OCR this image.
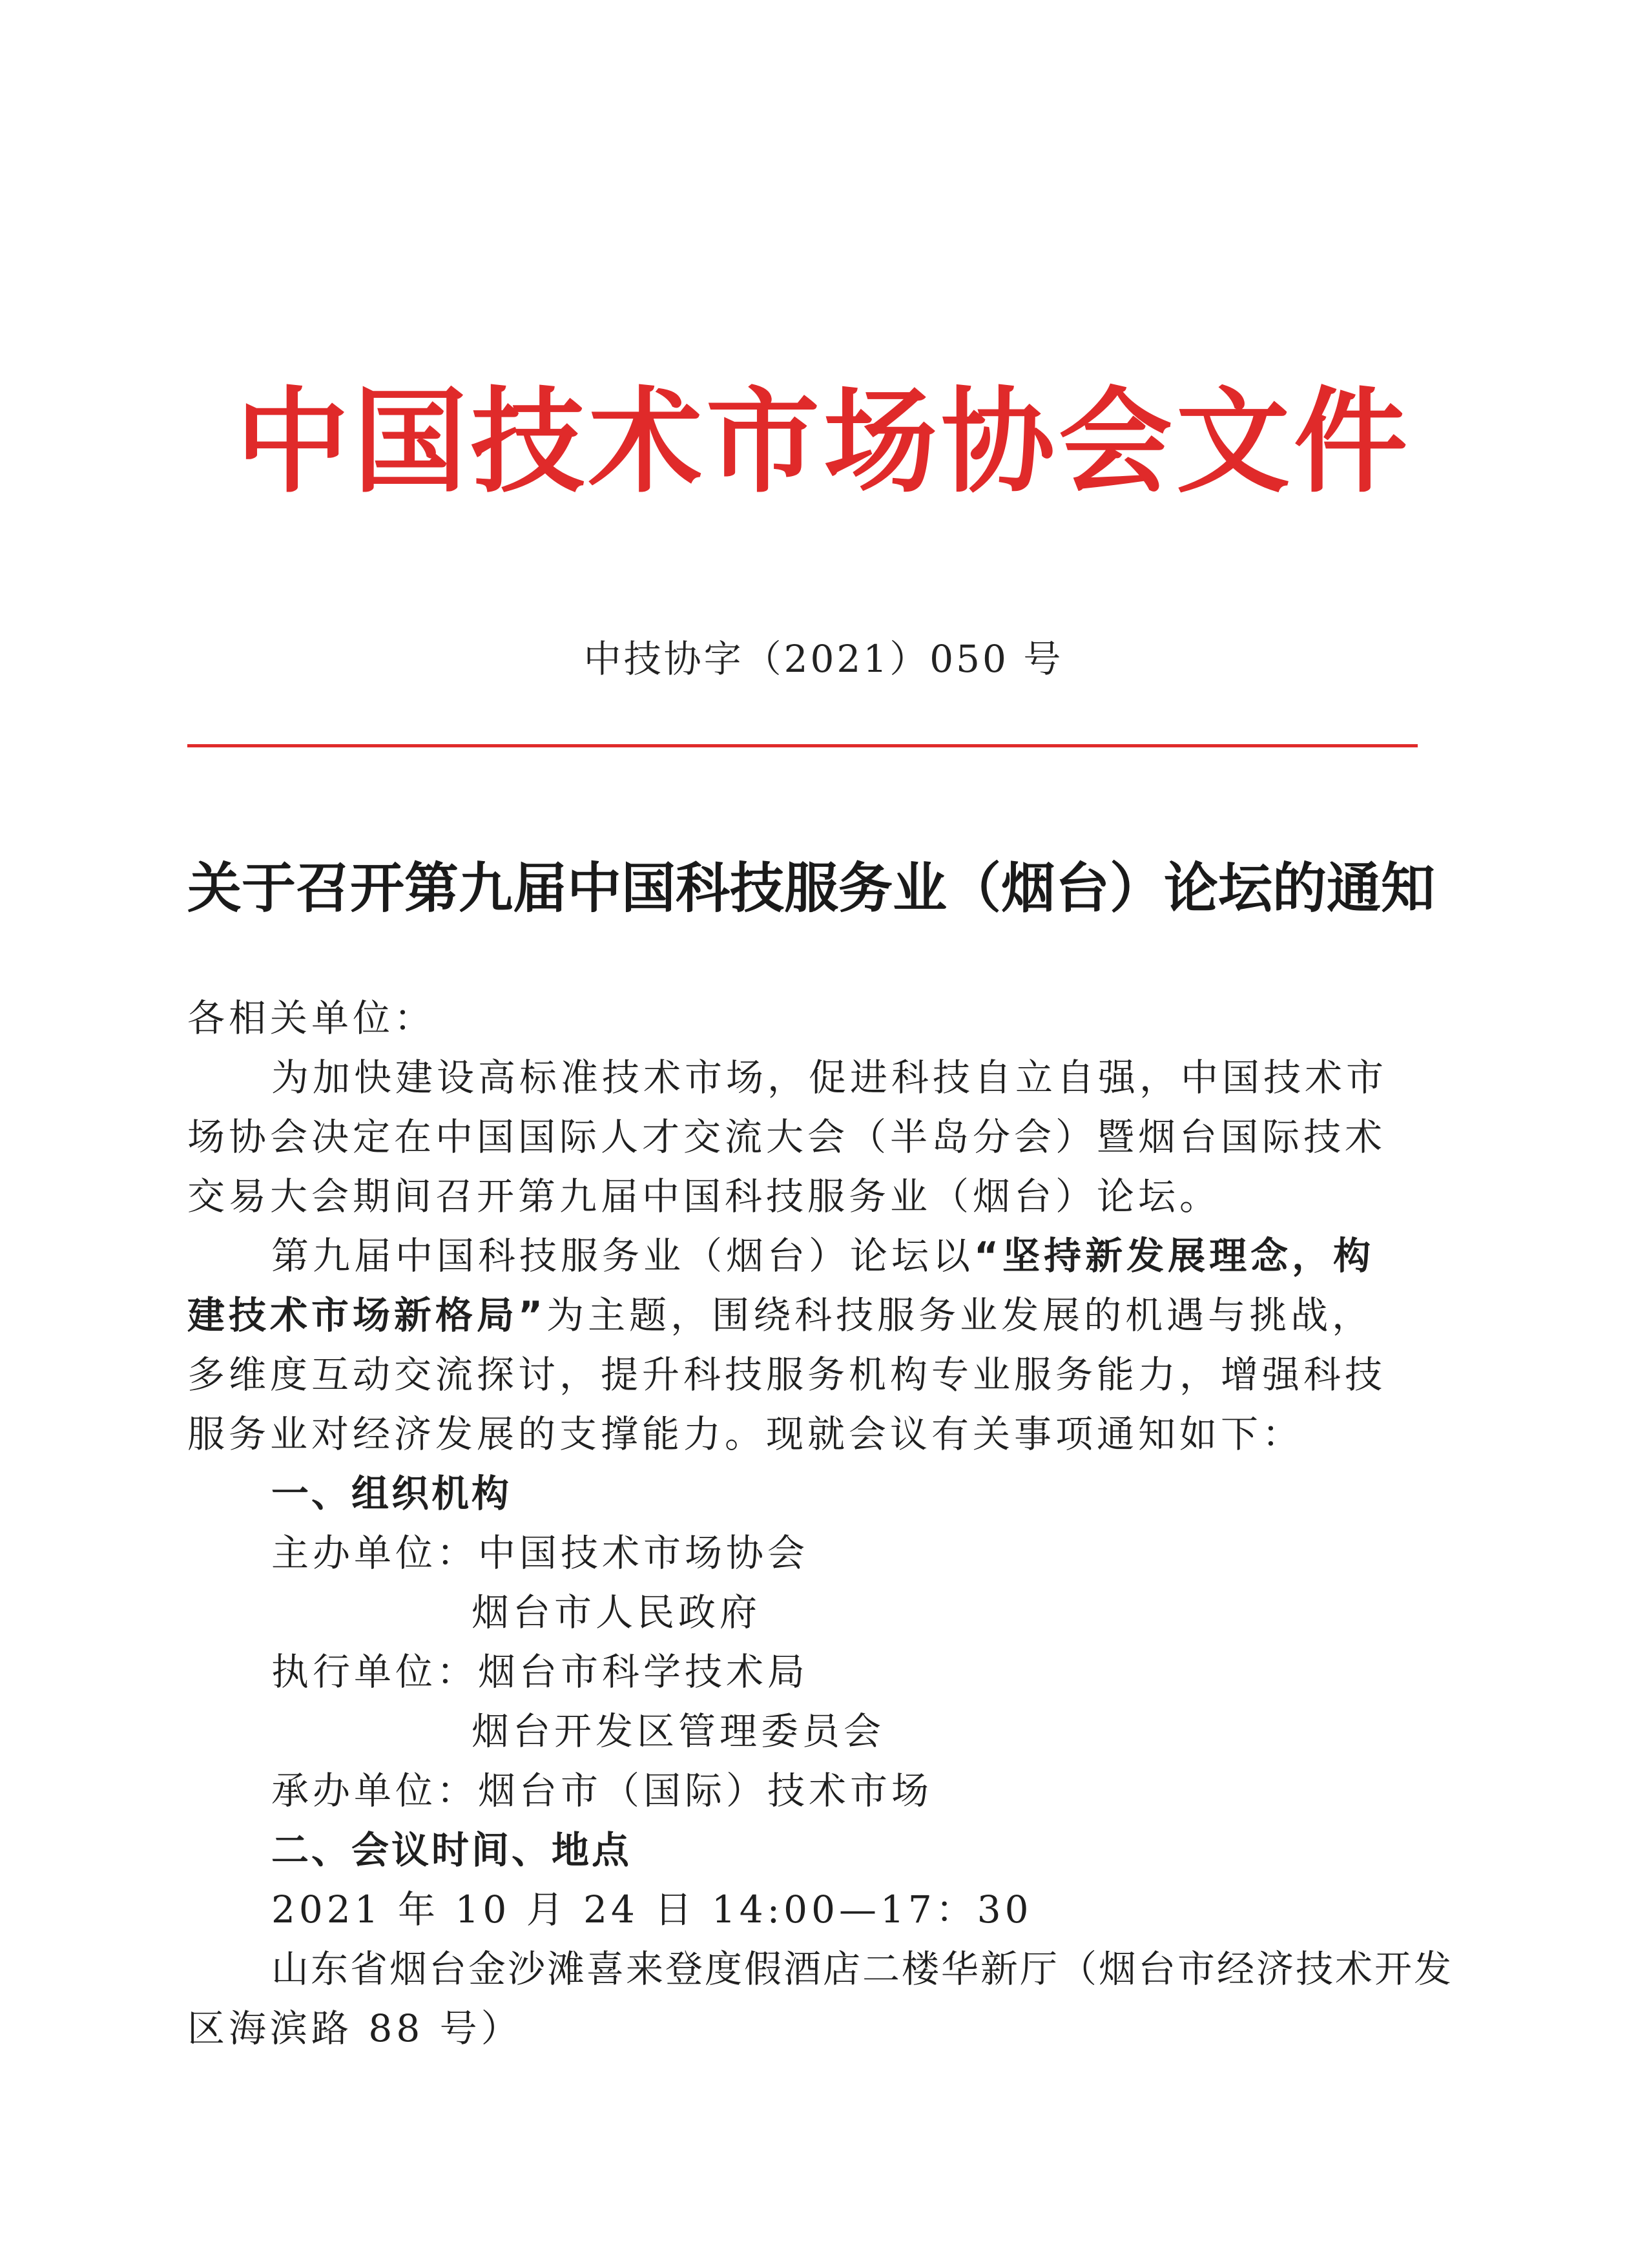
中国技术市场协会文件
中技协字（2021）050 号
关于召开第九届中国科技服务业（烟台）论坛的通知
各相关单位：
为加快建设高标准技术市场，促进科技自立自强，中国技术市
场协会决定在中国国际人才交流大会（半岛分会）暨烟台国际技术
交易大会期间召开第九届中国科技服务业（烟台）论坛。
第九届中国科技服务业（烟台）论坛以“坚持新发展理念，构
建技术市场新格局”为主题，围绕科技服务业发展的机遇与挑战，
多维度互动交流探讨，提升科技服务机构专业服务能力，增强科技
服务业对经济发展的支撑能力。现就会议有关事项通知如下：
一、组织机构
主办单位：中国技术市场协会
烟台市人民政府
执行单位：烟台市科学技术局
烟台开发区管理委员会
承办单位：烟台市（国际）技术市场
二、会议时间、地点
2021 年 10 月 24 日 14:00—17：30
山东省烟台金沙滩喜来登度假酒店二楼华新厅（烟台市经济技术开发
区海滨路 88 号）
